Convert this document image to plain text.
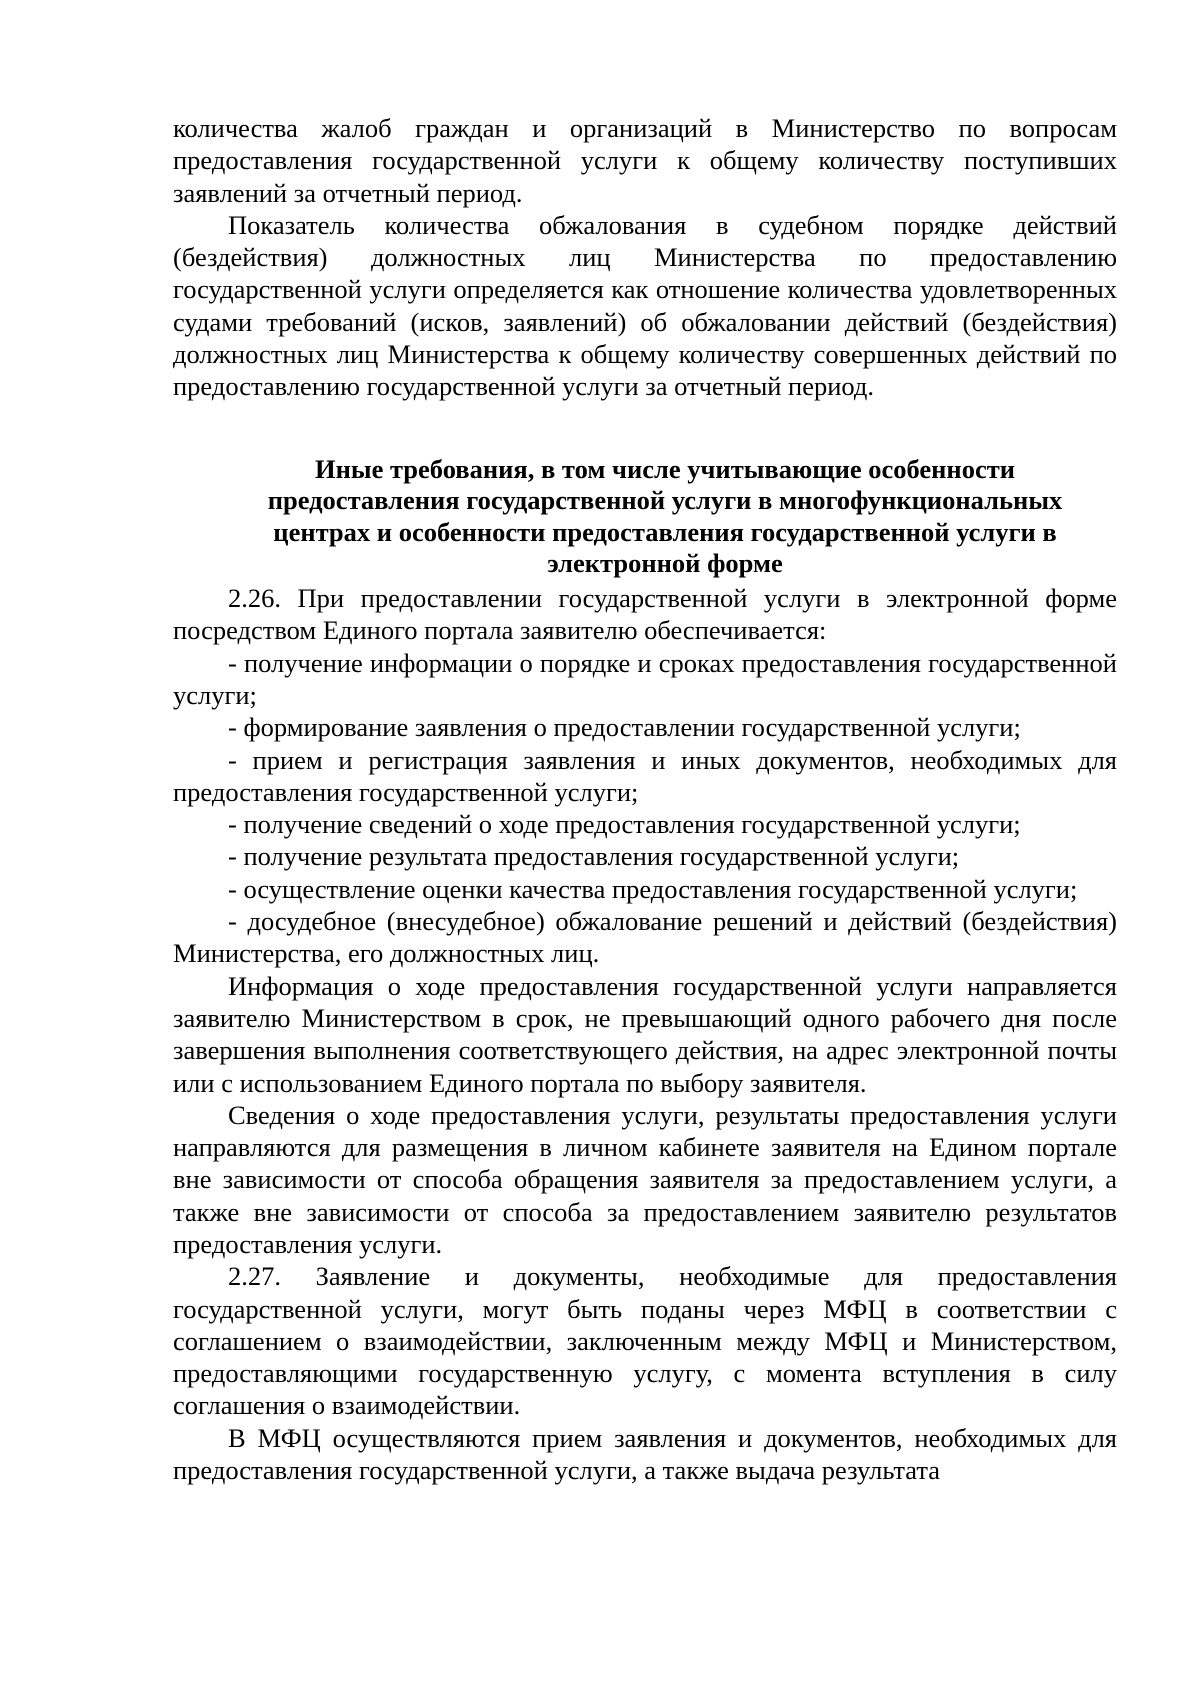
количества жалоб граждан и организаций в Министерство по вопросам предоставления государственной услуги к общему количеству поступивших заявлений за отчетный период.

Показатель количества обжалования в судебном порядке действий (бездействия) должностных лиц Министерства по предоставлению государственной услуги определяется как отношение количества удовлетворенных судами требований (исков, заявлений) об обжаловании действий (бездействия) должностных лиц Министерства к общему количеству совершенных действий по предоставлению государственной услуги за отчетный период.

Иные требования, в том числе учитывающие особенности
предоставления государственной услуги в многофункциональных
центрах и особенности предоставления государственной услуги в
электронной форме

2.26. При предоставлении государственной услуги в электронной форме посредством Единого портала заявителю обеспечивается:

- получение информации о порядке и сроках предоставления государственной услуги;

- формирование заявления о предоставлении государственной услуги;

- прием и регистрация заявления и иных документов, необходимых для предоставления государственной услуги;

- получение сведений о ходе предоставления государственной услуги;

- получение результата предоставления государственной услуги;

- осуществление оценки качества предоставления государственной услуги;

- досудебное (внесудебное) обжалование решений и действий (бездействия) Министерства, его должностных лиц.

Информация о ходе предоставления государственной услуги направляется заявителю Министерством в срок, не превышающий одного рабочего дня после завершения выполнения соответствующего действия, на адрес электронной почты или с использованием Единого портала по выбору заявителя.

Сведения о ходе предоставления услуги, результаты предоставления услуги направляются для размещения в личном кабинете заявителя на Едином портале вне зависимости от способа обращения заявителя за предоставлением услуги, а также вне зависимости от способа за предоставлением заявителю результатов предоставления услуги.

2.27. Заявление и документы, необходимые для предоставления государственной услуги, могут быть поданы через МФЦ в соответствии с соглашением о взаимодействии, заключенным между МФЦ и Министерством, предоставляющими государственную услугу, с момента вступления в силу соглашения о взаимодействии.

В МФЦ осуществляются прием заявления и документов, необходимых для предоставления государственной услуги, а также выдача результата
